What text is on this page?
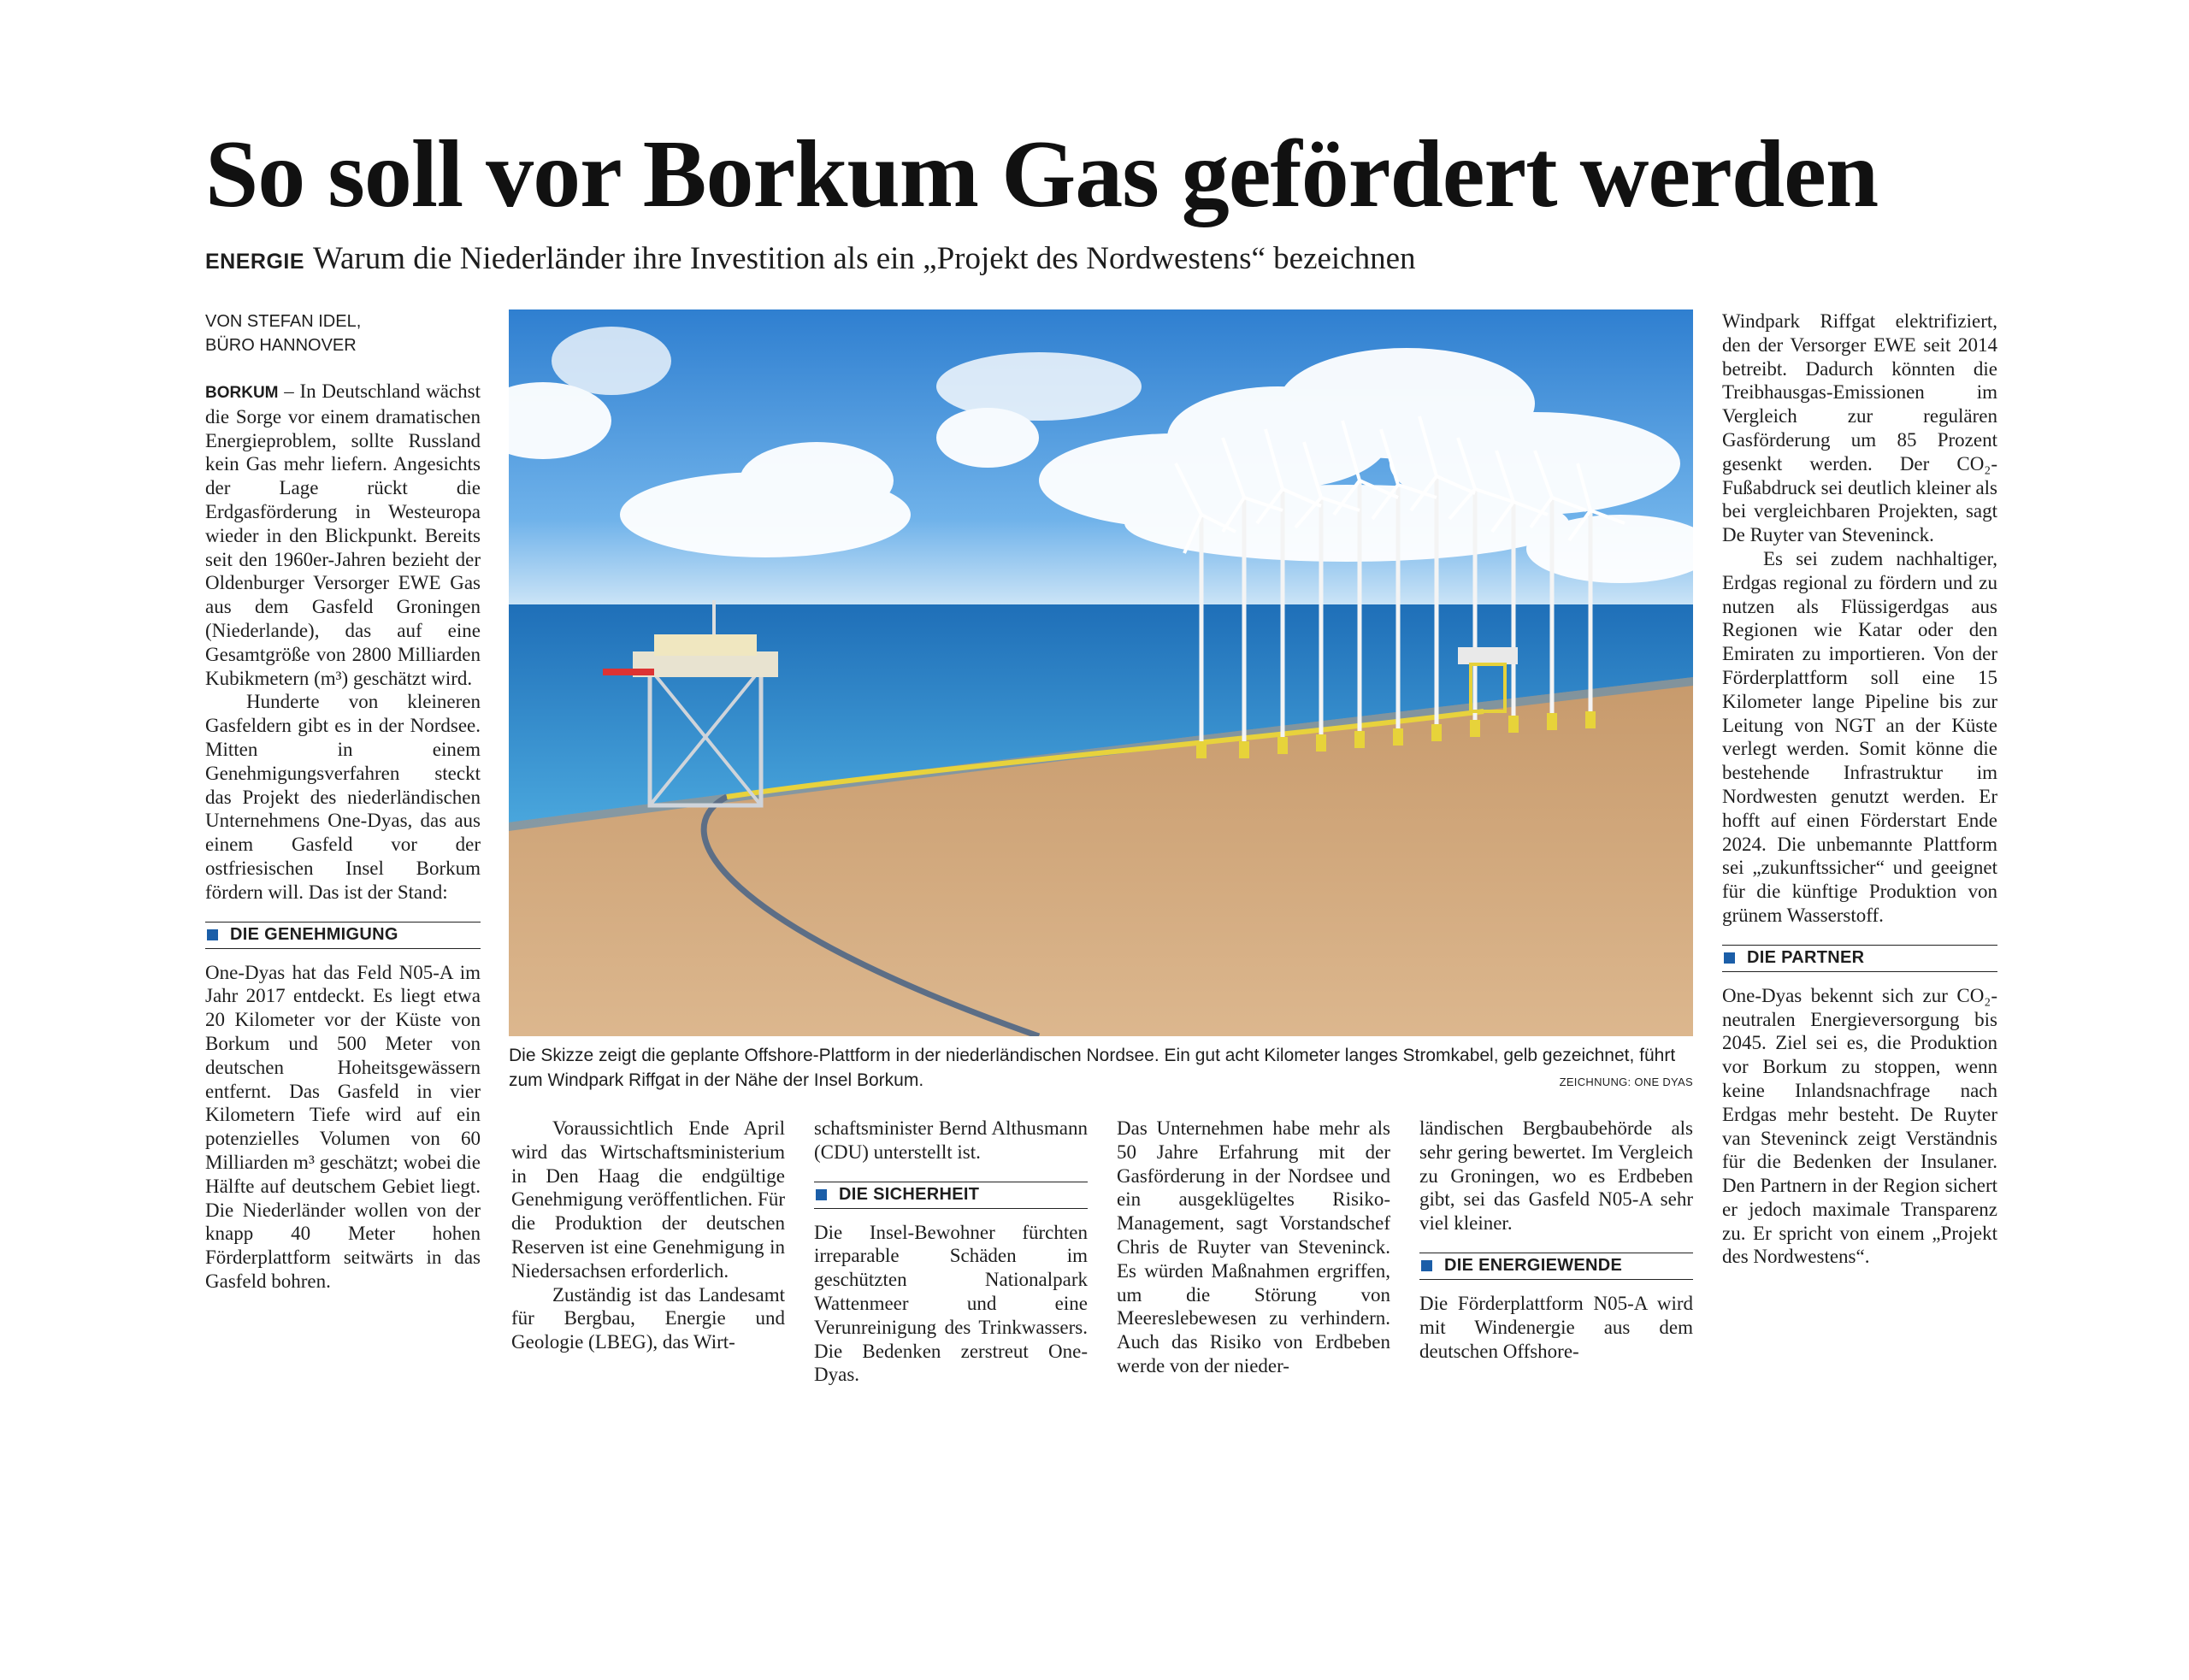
So soll vor Borkum Gas gefördert werden
ENERGIE Warum die Niederländer ihre Investition als ein „Projekt des Nordwestens“ bezeichnen
VON STEFAN IDEL,
BÜRO HANNOVER

BORKUM – In Deutschland wächst die Sorge vor einem dramatischen Energieproblem, sollte Russland kein Gas mehr liefern. Angesichts der Lage rückt die Erdgasförderung in Westeuropa wieder in den Blickpunkt. Bereits seit den 1960er-Jahren bezieht der Oldenburger Versorger EWE Gas aus dem Gasfeld Groningen (Niederlande), das auf eine Gesamtgröße von 2800 Milliarden Kubikmetern (m³) geschätzt wird.

Hunderte von kleineren Gasfeldern gibt es in der Nordsee. Mitten in einem Genehmigungsverfahren steckt das Projekt des niederländischen Unternehmens One-Dyas, das aus einem Gasfeld vor der ostfriesischen Insel Borkum fördern will. Das ist der Stand:

DIE GENEHMIGUNG

One-Dyas hat das Feld N05-A im Jahr 2017 entdeckt. Es liegt etwa 20 Kilometer vor der Küste von Borkum und 500 Meter von deutschen Hoheitsgewässern entfernt. Das Gasfeld in vier Kilometern Tiefe wird auf ein potenzielles Volumen von 60 Milliarden m³ geschätzt; wobei die Hälfte auf deutschem Gebiet liegt. Die Niederländer wollen von der knapp 40 Meter hohen Förderplattform seitwärts in das Gasfeld bohren.

Die Skizze zeigt die geplante Offshore-Plattform in der niederländischen Nordsee. Ein gut acht Kilometer langes Stromkabel, gelb gezeichnet, führt zum Windpark Riffgat in der Nähe der Insel Borkum.	ZEICHNUNG: ONE DYAS

Voraussichtlich Ende April wird das Wirtschaftsministerium in Den Haag die endgültige Genehmigung veröffentlichen. Für die Produktion der deutschen Reserven ist eine Genehmigung in Niedersachsen erforderlich.

Zuständig ist das Landesamt für Bergbau, Energie und Geologie (LBEG), das Wirt-

schaftsminister Bernd Althusmann (CDU) unterstellt ist.

DIE SICHERHEIT

Die Insel-Bewohner fürchten irreparable Schäden im geschützten Nationalpark Wattenmeer und eine Verunreinigung des Trinkwassers. Die Bedenken zerstreut One-Dyas.

Das Unternehmen habe mehr als 50 Jahre Erfahrung mit der Gasförderung in der Nordsee und ein ausgeklügeltes Risiko-Management, sagt Vorstandschef Chris de Ruyter van Steveninck. Es würden Maßnahmen ergriffen, um die Störung von Meereslebewesen zu verhindern. Auch das Risiko von Erdbeben werde von der nieder-

ländischen Bergbaubehörde als sehr gering bewertet. Im Vergleich zu Groningen, wo es Erdbeben gibt, sei das Gasfeld N05-A sehr viel kleiner.

DIE ENERGIEWENDE

Die Förderplattform N05-A wird mit Windenergie aus dem deutschen Offshore-

Windpark Riffgat elektrifiziert, den der Versorger EWE seit 2014 betreibt. Dadurch könnten die Treibhausgas-Emissionen im Vergleich zur regulären Gasförderung um 85 Prozent gesenkt werden. Der CO₂-Fußabdruck sei deutlich kleiner als bei vergleichbaren Projekten, sagt De Ruyter van Steveninck.

Es sei zudem nachhaltiger, Erdgas regional zu fördern und zu nutzen als Flüssigerdgas aus Regionen wie Katar oder den Emiraten zu importieren. Von der Förderplattform soll eine 15 Kilometer lange Pipeline bis zur Leitung von NGT an der Küste verlegt werden. Somit könne die bestehende Infrastruktur im Nordwesten genutzt werden. Er hofft auf einen Förderstart Ende 2024. Die unbemannte Plattform sei „zukunftssicher“ und geeignet für die künftige Produktion von grünem Wasserstoff.

DIE PARTNER

One-Dyas bekennt sich zur CO₂-neutralen Energieversorgung bis 2045. Ziel sei es, die Produktion vor Borkum zu stoppen, wenn keine Inlandsnachfrage nach Erdgas mehr besteht. De Ruyter van Steveninck zeigt Verständnis für die Bedenken der Insulaner. Den Partnern in der Region sichert er jedoch maximale Transparenz zu. Er spricht von einem „Projekt des Nordwestens“.
